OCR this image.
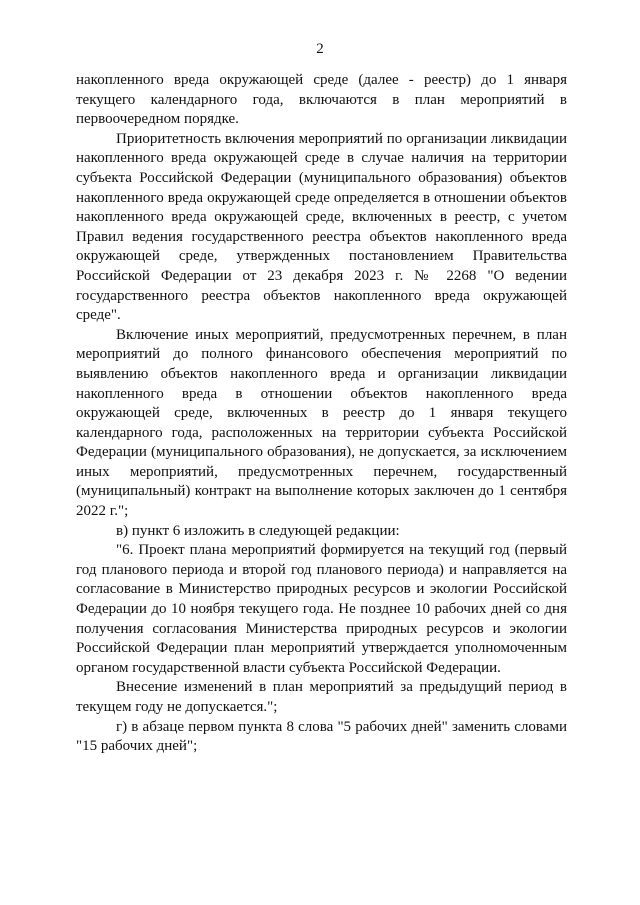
2

накопленного вреда окружающей среде (далее - реестр) до 1 января текущего календарного года, включаются в план мероприятий в первоочередном порядке.

Приоритетность включения мероприятий по организации ликвидации накопленного вреда окружающей среде в случае наличия на территории субъекта Российской Федерации (муниципального образования) объектов накопленного вреда окружающей среде определяется в отношении объектов накопленного вреда окружающей среде, включенных в реестр, с учетом Правил ведения государственного реестра объектов накопленного вреда окружающей среде, утвержденных постановлением Правительства Российской Федерации от 23 декабря 2023 г. № 2268 "О ведении государственного реестра объектов накопленного вреда окружающей среде".

Включение иных мероприятий, предусмотренных перечнем, в план мероприятий до полного финансового обеспечения мероприятий по выявлению объектов накопленного вреда и организации ликвидации накопленного вреда в отношении объектов накопленного вреда окружающей среде, включенных в реестр до 1 января текущего календарного года, расположенных на территории субъекта Российской Федерации (муниципального образования), не допускается, за исключением иных мероприятий, предусмотренных перечнем, государственный (муниципальный) контракт на выполнение которых заключен до 1 сентября 2022 г.";

в) пункт 6 изложить в следующей редакции:

"6. Проект плана мероприятий формируется на текущий год (первый год планового периода и второй год планового периода) и направляется на согласование в Министерство природных ресурсов и экологии Российской Федерации до 10 ноября текущего года. Не позднее 10 рабочих дней со дня получения согласования Министерства природных ресурсов и экологии Российской Федерации план мероприятий утверждается уполномоченным органом государственной власти субъекта Российской Федерации.

Внесение изменений в план мероприятий за предыдущий период в текущем году не допускается.";

г) в абзаце первом пункта 8 слова "5 рабочих дней" заменить словами "15 рабочих дней";
